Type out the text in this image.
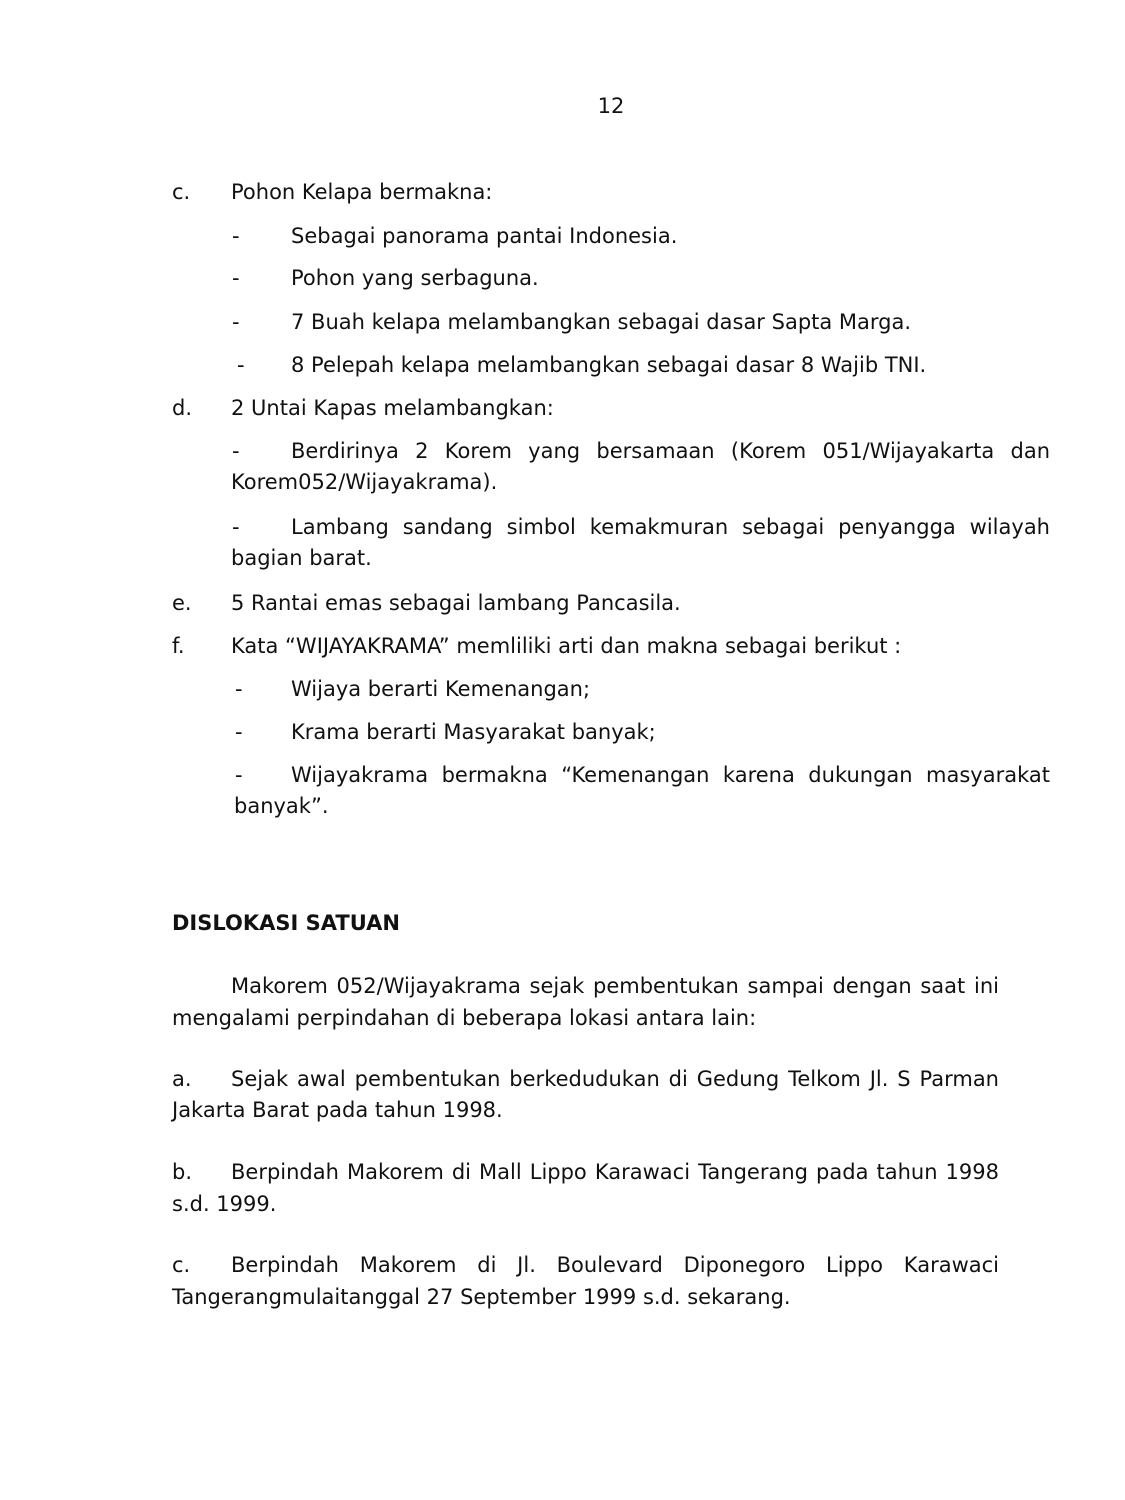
12
c. Pohon Kelapa bermakna:
- Sebagai panorama pantai Indonesia.
- Pohon yang serbaguna.
- 7 Buah kelapa melambangkan sebagai dasar Sapta Marga.
- 8 Pelepah kelapa melambangkan sebagai dasar 8 Wajib TNI.
d. 2 Untai Kapas melambangkan:
- Berdirinya 2 Korem yang bersamaan (Korem 051/Wijayakarta dan
Korem052/Wijayakrama).
- Lambang sandang simbol kemakmuran sebagai penyangga wilayah
bagian barat.
e. 5 Rantai emas sebagai lambang Pancasila.
f. Kata “WIJAYAKRAMA” memliliki arti dan makna sebagai berikut :
- Wijaya berarti Kemenangan;
- Krama berarti Masyarakat banyak;
- Wijayakrama bermakna “Kemenangan karena dukungan masyarakat
banyak”.
DISLOKASI SATUAN
Makorem 052/Wijayakrama sejak pembentukan sampai dengan saat ini
mengalami perpindahan di beberapa lokasi antara lain:
a. Sejak awal pembentukan berkedudukan di Gedung Telkom Jl. S Parman
Jakarta Barat pada tahun 1998.
b. Berpindah Makorem di Mall Lippo Karawaci Tangerang pada tahun 1998
s.d. 1999.
c. Berpindah Makorem di Jl. Boulevard Diponegoro Lippo Karawaci
Tangerangmulaitanggal 27 September 1999 s.d. sekarang.
